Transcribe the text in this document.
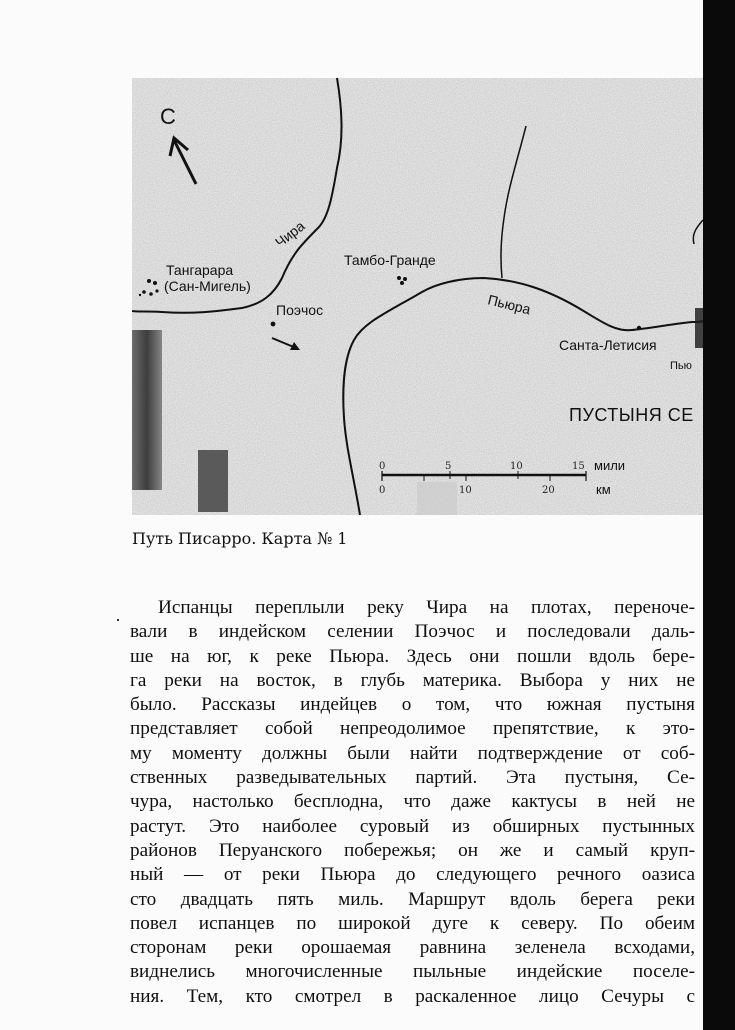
С
Чира
Пьюра
Тангарара
(Сан-Мигель)
Тамбо-Гранде
Поэчос
Санта-Летисия
Пью
ПУСТЫНЯ СЕ
0	5	10	15
0	10	20
мили
км
Путь Писарро. Карта № 1
Испанцы переплыли реку Чира на плотах, переноче-
вали в индейском селении Поэчос и последовали даль-
ше на юг, к реке Пьюра. Здесь они пошли вдоль бере-
га реки на восток, в глубь материка. Выбора у них не
было. Рассказы индейцев о том, что южная пустыня
представляет собой непреодолимое препятствие, к это-
му моменту должны были найти подтверждение от соб-
ственных разведывательных партий. Эта пустыня, Се-
чура, настолько бесплодна, что даже кактусы в ней не
растут. Это наиболее суровый из обширных пустынных
районов Перуанского побережья; он же и самый круп-
ный — от реки Пьюра до следующего речного оазиса
сто двадцать пять миль. Маршрут вдоль берега реки
повел испанцев по широкой дуге к северу. По обеим
сторонам реки орошаемая равнина зеленела всходами,
виднелись многочисленные пыльные индейские поселе-
ния. Тем, кто смотрел в раскаленное лицо Сечуры с
